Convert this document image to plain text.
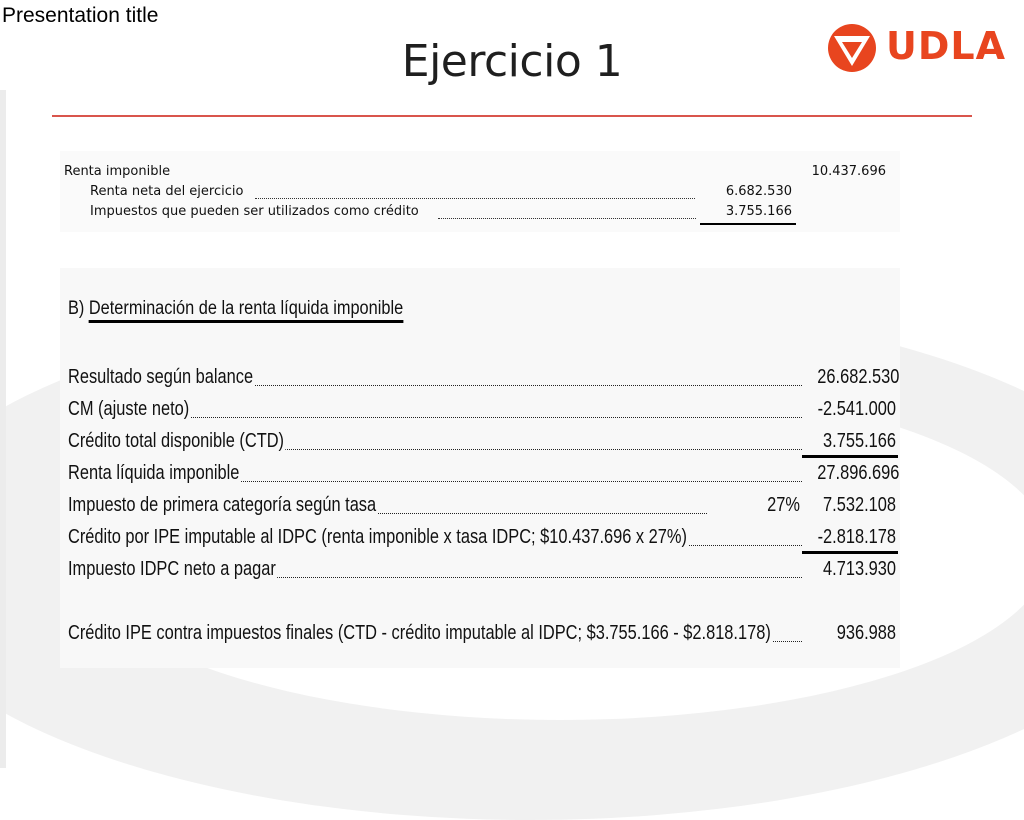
Presentation title
Ejercicio 1	UDLA
Renta imponible	10.437.696
Renta neta del ejercicio	6.682.530
Impuestos que pueden ser utilizados como crédito	3.755.166
B) Determinación de la renta líquida imponible
Resultado según balance	26.682.530
CM (ajuste neto)	-2.541.000
Crédito total disponible (CTD)	3.755.166
Renta líquida imponible	27.896.696
Impuesto de primera categoría según tasa	27% 7.532.108
Crédito por IPE imputable al IDPC (renta imponible x tasa IDPC; $10.437.696 x 27%)	-2.818.178
Impuesto IDPC neto a pagar	4.713.930
Crédito IPE contra impuestos finales (CTD - crédito imputable al IDPC; $3.755.166 - $2.818.178)	936.988
